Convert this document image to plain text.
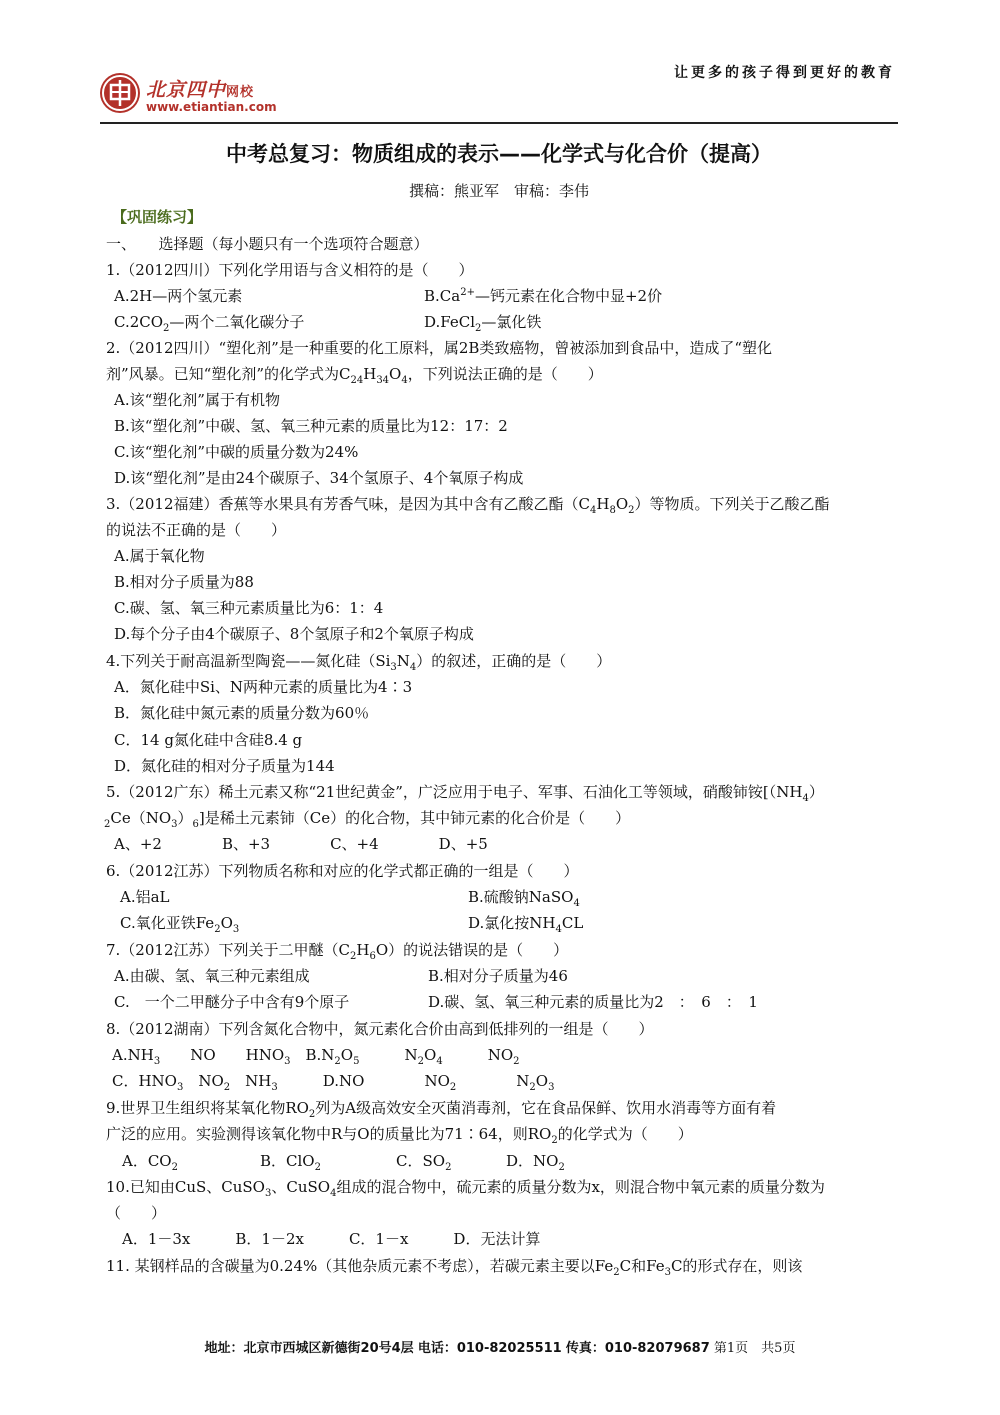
北京四中网校
www.etiantian.com
让更多的孩子得到更好的教育
中考总复习：物质组成的表示——化学式与化合价（提高）
撰稿：熊亚军　审稿：李伟
【巩固练习】
一、　　选择题（每小题只有一个选项符合题意）
1.（2012四川）下列化学用语与含义相符的是（　　）
A.2H—两个氢元素	$B.Ca^{2+}—$钙元素在化合物中显+2价
$C.2CO_2—$两个二氧化碳分子	D.FeCl$_2$—氯化铁
2.（2012四川）“塑化剂”是一种重要的化工原料，属2B类致癌物，曾被添加到食品中，造成了“塑化
剂”风暴。已知“塑化剂”的化学式为$C_{24}H_{34}O_4$，下列说法正确的是（　　）
A.该“塑化剂”属于有机物
B.该“塑化剂”中碳、氢、氧三种元素的质量比为12：17：2
C.该“塑化剂”中碳的质量分数为24%
D.该“塑化剂”是由24个碳原子、34个氢原子、4个氧原子构成
3.（2012福建）香蕉等水果具有芳香气味，是因为其中含有乙酸乙酯$(C_4H_8O_2)$等物质。下列关于乙酸乙酯
的说法不正确的是（　　）
A.属于氧化物
B.相对分子质量为88
C.碳、氢、氧三种元素质量比为6：1：4
D.每个分子由4个碳原子、8个氢原子和2个氧原子构成
4.下列关于耐高温新型陶瓷——氮化硅$(Si_3N_4)$的叙述，正确的是（　　）
A．氮化硅中Si、N两种元素的质量比为4∶3
B．氮化硅中氮元素的质量分数为60％
C．14 g氮化硅中含硅8.4 g
D．氮化硅的相对分子质量为144
5.（2012广东）稀土元素又称“21世纪黄金”，广泛应用于电子、军事、石油化工等领域，硝酸铈铵[$(NH_4)$
$_2Ce(NO_3)_6$]是稀土元素铈（Ce）的化合物，其中铈元素的化合价是（　　）
A、+2　　　　B、+3　　　　C、+4　　　　D、+5
6.（2012江苏）下列物质名称和对应的化学式都正确的一组是（　　）
A.铝aL	B.硫酸钠NaSO$_4$
C.氧化亚铁$Fe_2O_3$	D.氯化按$NH_4CL$
7.（2012江苏）下列关于二甲醚$(C_2H_6O)$的说法错误的是（　　）
A.由碳、氢、氧三种元素组成	B.相对分子质量为46
C.　一个二甲醚分子中含有9个原子	D.碳、氢、氧三种元素的质量比为2　：　6　：　1
8.（2012湖南）下列含氮化合物中，氮元素化合价由高到低排列的一组是（　　）
$A.NH_3$　　NO　　$HNO_3$　$B.N_2O_5$　　　$N_2O_4$　　　$NO_2$
C．$HNO_3$　$NO_2$　$NH_3$　　　D.NO　　　　$NO_2$　　　　$N_2O_3$
9.世界卫生组织将某氧化物$RO_2$列为A级高效安全灭菌消毒剂，它在食品保鲜、饮用水消毒等方面有着
广泛的应用。实验测得该氧化物中R与O的质量比为71∶64，则$RO_2$的化学式为（　　）
A．$CO_2$	B．ClO$_2$	C．$SO_2$	D．$NO_2$
10.已知由CuS、CuSO$_3$、CuSO$_4$组成的混合物中，硫元素的质量分数为x，则混合物中氧元素的质量分数为
（　　）
A．1－3x　　　B．1－2x　　　C．1－x　　　D．无法计算
11. 某钢样品的含碳量为0.24%（其他杂质元素不考虑），若碳元素主要以$Fe_2C$和$Fe_3C$的形式存在，则该
地址：北京市西城区新德街20号4层 电话：010-82025511 传真：010-82079687 第1页　共5页
